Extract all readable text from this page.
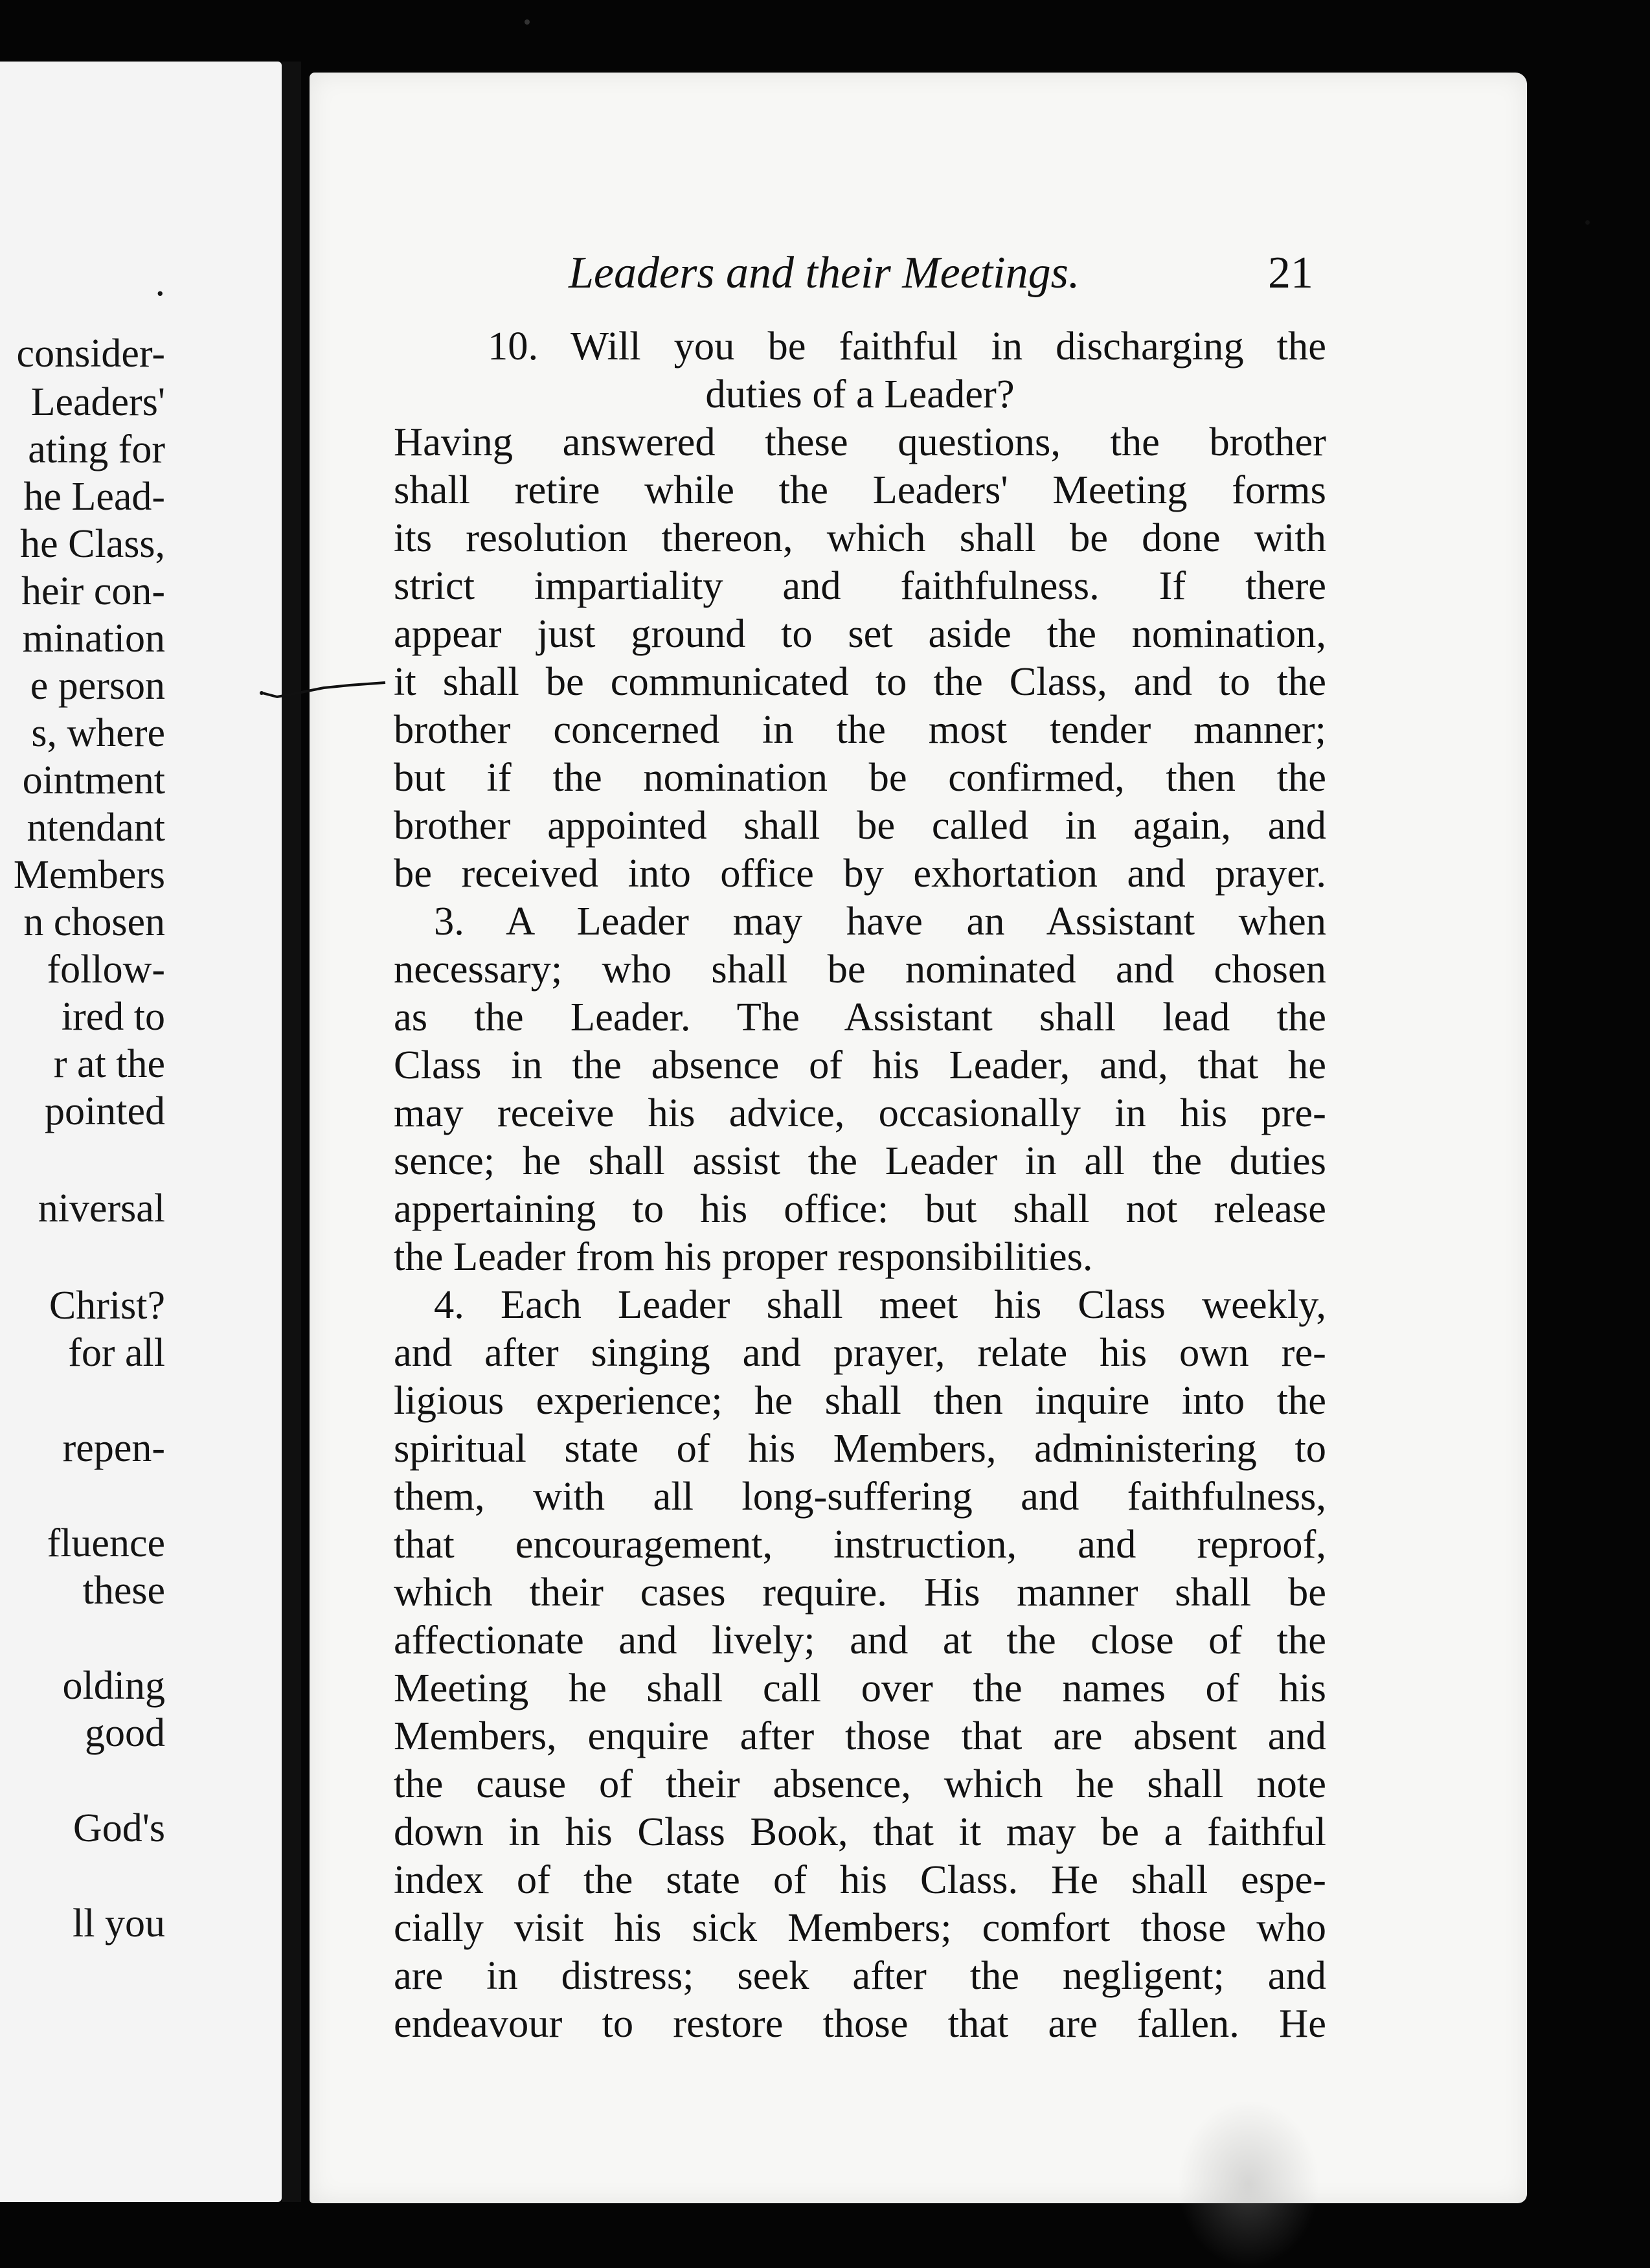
.
consider-
Leaders'
ating for
he Lead-
he Class,
heir con-
mination
e person
s, where
ointment
ntendant
Members
n chosen
follow-
ired to
r at the
pointed
niversal
Christ?
for all
repen-
fluence
these
olding
good
God's
ll you
Leaders and their Meetings.	21
10. Will you be faithful in discharging the
duties of a Leader?
Having answered these questions, the brother
shall retire while the Leaders' Meeting forms
its resolution thereon, which shall be done with
strict impartiality and faithfulness. If there
appear just ground to set aside the nomination,
it shall be communicated to the Class, and to the
brother concerned in the most tender manner;
but if the nomination be confirmed, then the
brother appointed shall be called in again, and
be received into office by exhortation and prayer.
3. A Leader may have an Assistant when
necessary; who shall be nominated and chosen
as the Leader. The Assistant shall lead the
Class in the absence of his Leader, and, that he
may receive his advice, occasionally in his pre-
sence; he shall assist the Leader in all the duties
appertaining to his office: but shall not release
the Leader from his proper responsibilities.
4. Each Leader shall meet his Class weekly,
and after singing and prayer, relate his own re-
ligious experience; he shall then inquire into the
spiritual state of his Members, administering to
them, with all long-suffering and faithfulness,
that encouragement, instruction, and reproof,
which their cases require. His manner shall be
affectionate and lively; and at the close of the
Meeting he shall call over the names of his
Members, enquire after those that are absent and
the cause of their absence, which he shall note
down in his Class Book, that it may be a faithful
index of the state of his Class. He shall espe-
cially visit his sick Members; comfort those who
are in distress; seek after the negligent; and
endeavour to restore those that are fallen. He
